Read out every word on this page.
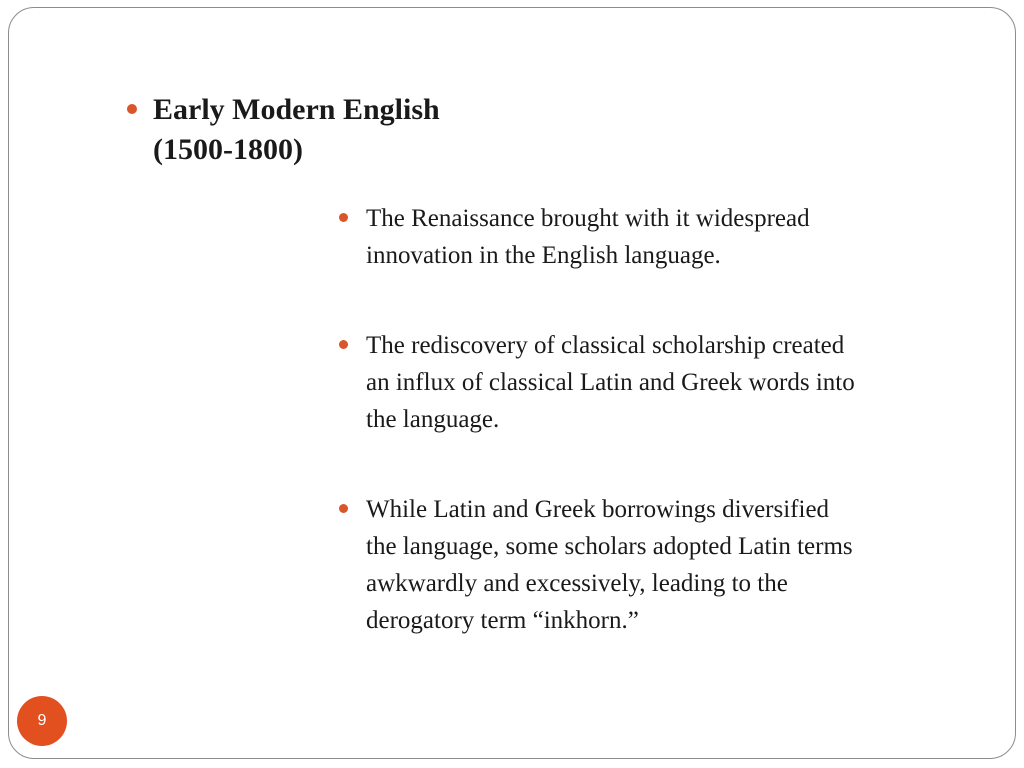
Early Modern English
(1500-1800)
The Renaissance brought with it widespread
innovation in the English language.
The rediscovery of classical scholarship created
an influx of classical Latin and Greek words into
the language.
While Latin and Greek borrowings diversified
the language, some scholars adopted Latin terms
awkwardly and excessively, leading to the
derogatory term “inkhorn.”
9
